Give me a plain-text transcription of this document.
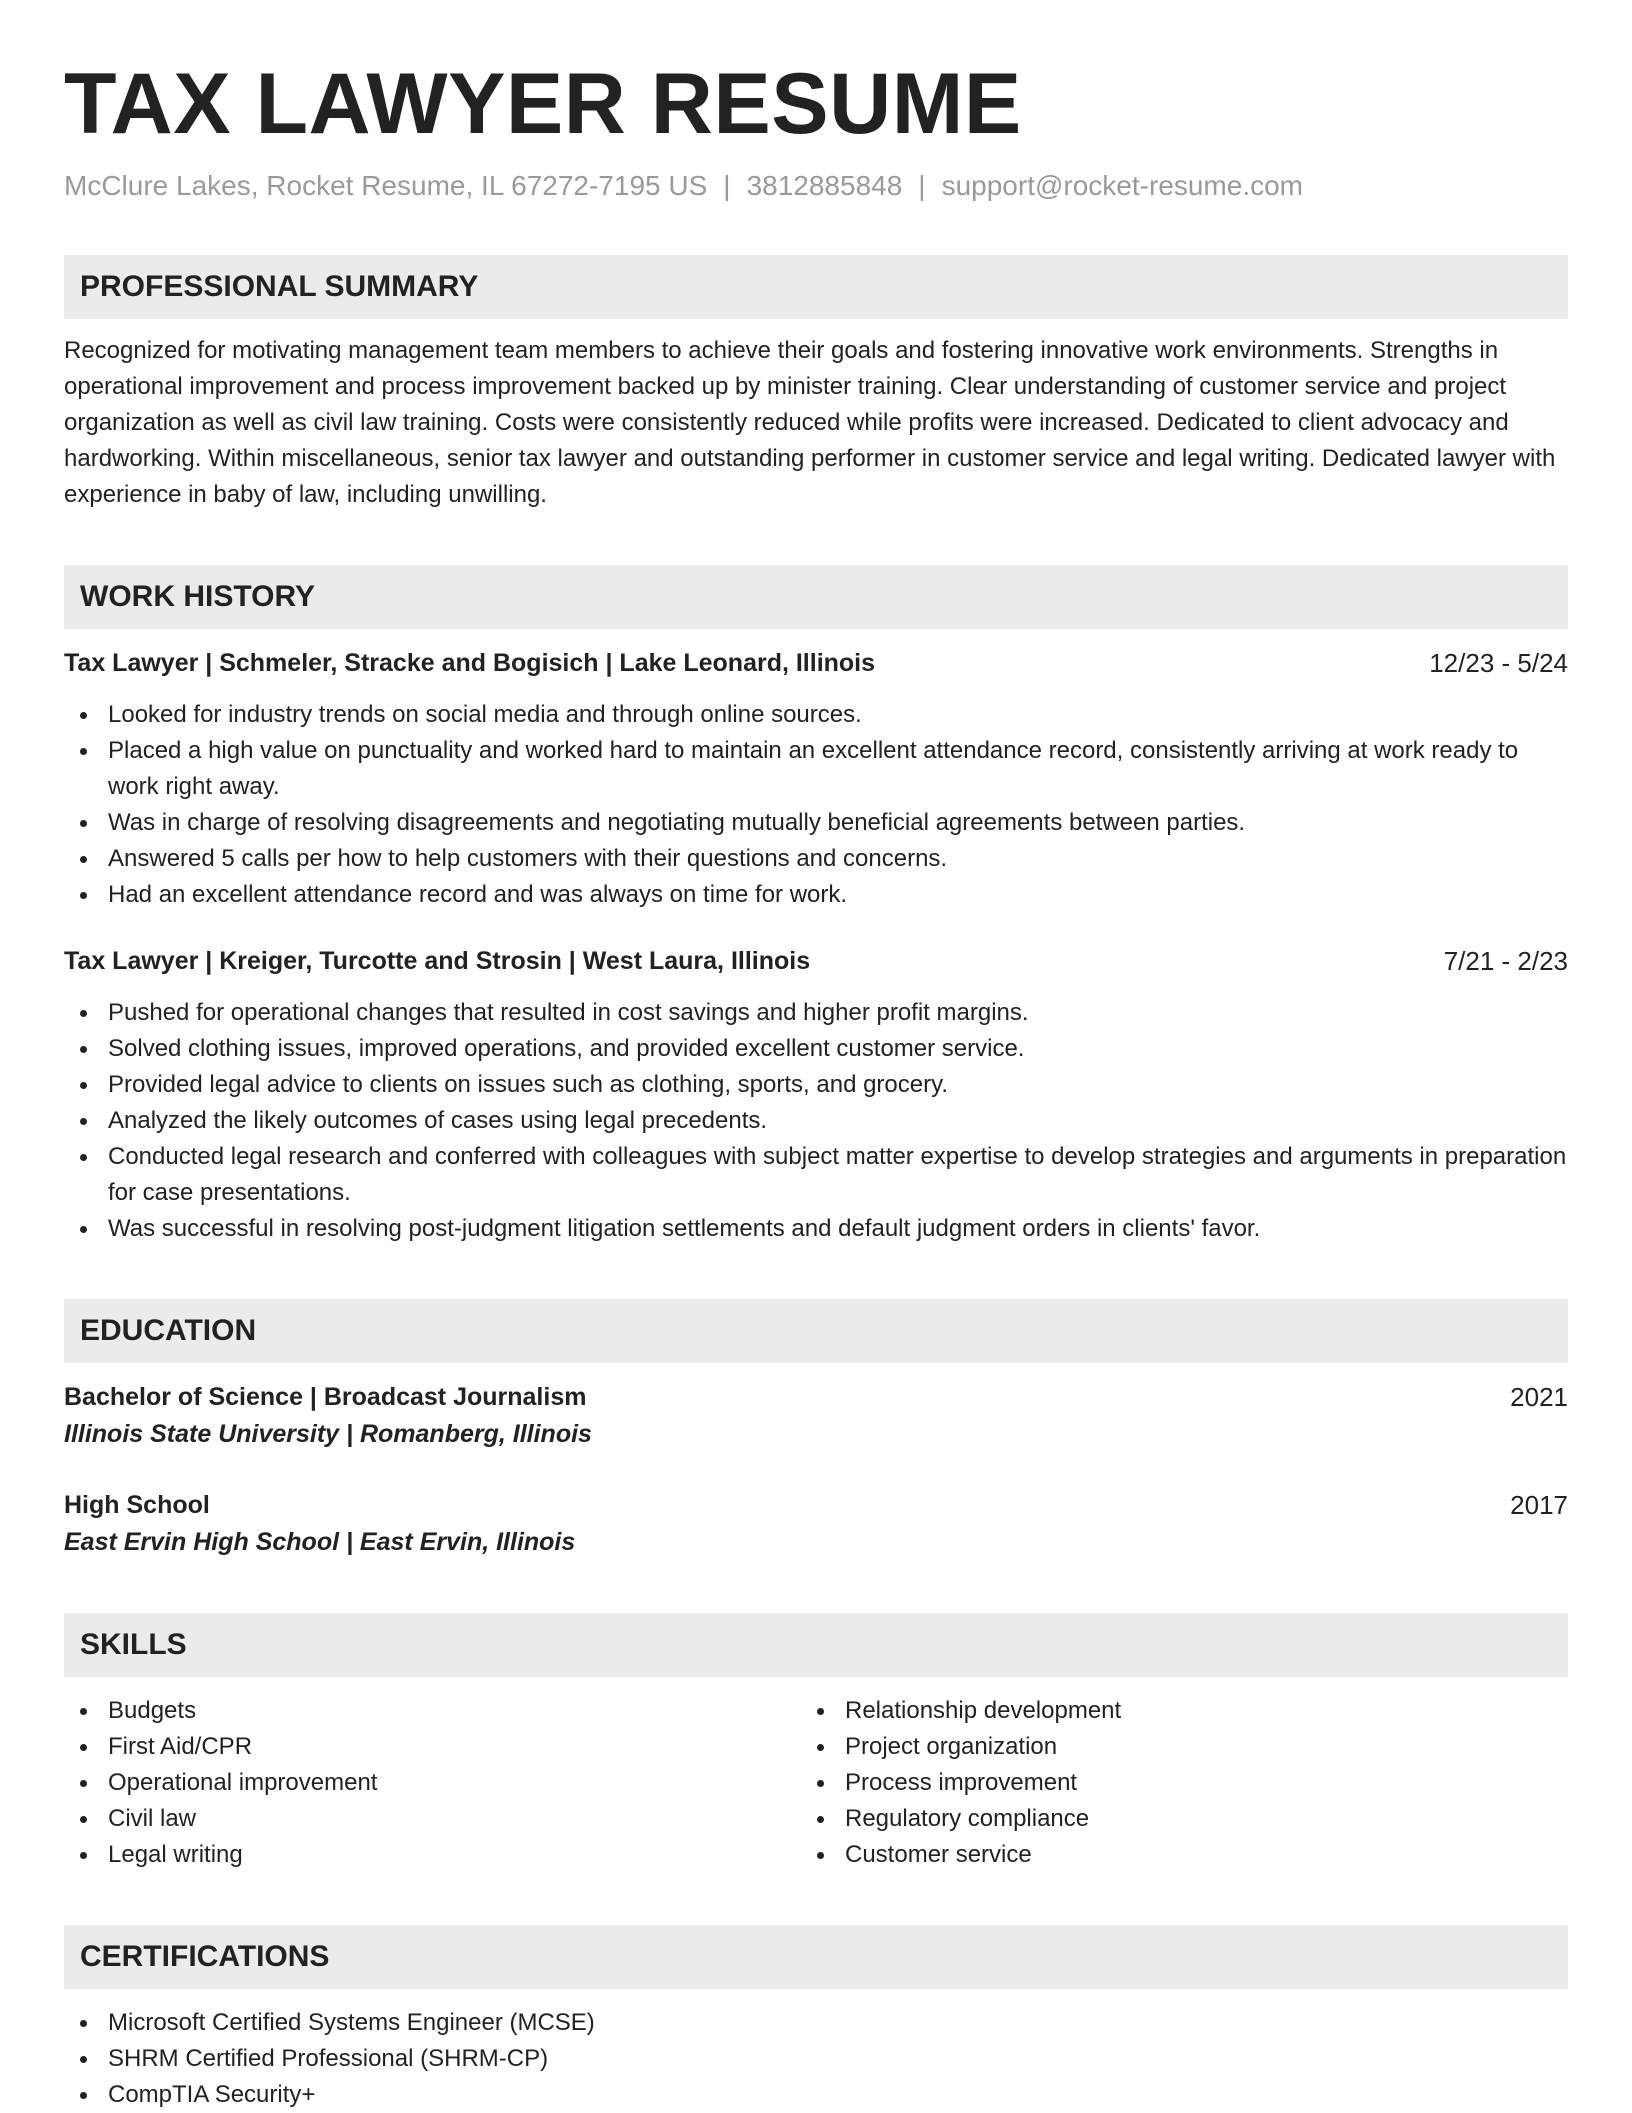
TAX LAWYER RESUME
McClure Lakes, Rocket Resume, IL 67272-7195 US | 3812885848 | support@rocket-resume.com
PROFESSIONAL SUMMARY
Recognized for motivating management team members to achieve their goals and fostering innovative work environments. Strengths in operational improvement and process improvement backed up by minister training. Clear understanding of customer service and project organization as well as civil law training. Costs were consistently reduced while profits were increased. Dedicated to client advocacy and hardworking. Within miscellaneous, senior tax lawyer and outstanding performer in customer service and legal writing. Dedicated lawyer with experience in baby of law, including unwilling.
WORK HISTORY
Tax Lawyer | Schmeler, Stracke and Bogisich | Lake Leonard, Illinois	12/23 - 5/24
Looked for industry trends on social media and through online sources.
Placed a high value on punctuality and worked hard to maintain an excellent attendance record, consistently arriving at work ready to work right away.
Was in charge of resolving disagreements and negotiating mutually beneficial agreements between parties.
Answered 5 calls per how to help customers with their questions and concerns.
Had an excellent attendance record and was always on time for work.
Tax Lawyer | Kreiger, Turcotte and Strosin | West Laura, Illinois	7/21 - 2/23
Pushed for operational changes that resulted in cost savings and higher profit margins.
Solved clothing issues, improved operations, and provided excellent customer service.
Provided legal advice to clients on issues such as clothing, sports, and grocery.
Analyzed the likely outcomes of cases using legal precedents.
Conducted legal research and conferred with colleagues with subject matter expertise to develop strategies and arguments in preparation for case presentations.
Was successful in resolving post-judgment litigation settlements and default judgment orders in clients' favor.
EDUCATION
Bachelor of Science | Broadcast Journalism	2021
Illinois State University | Romanberg, Illinois
High School	2017
East Ervin High School | East Ervin, Illinois
SKILLS
Budgets
First Aid/CPR
Operational improvement
Civil law
Legal writing
Relationship development
Project organization
Process improvement
Regulatory compliance
Customer service
CERTIFICATIONS
Microsoft Certified Systems Engineer (MCSE)
SHRM Certified Professional (SHRM-CP)
CompTIA Security+
